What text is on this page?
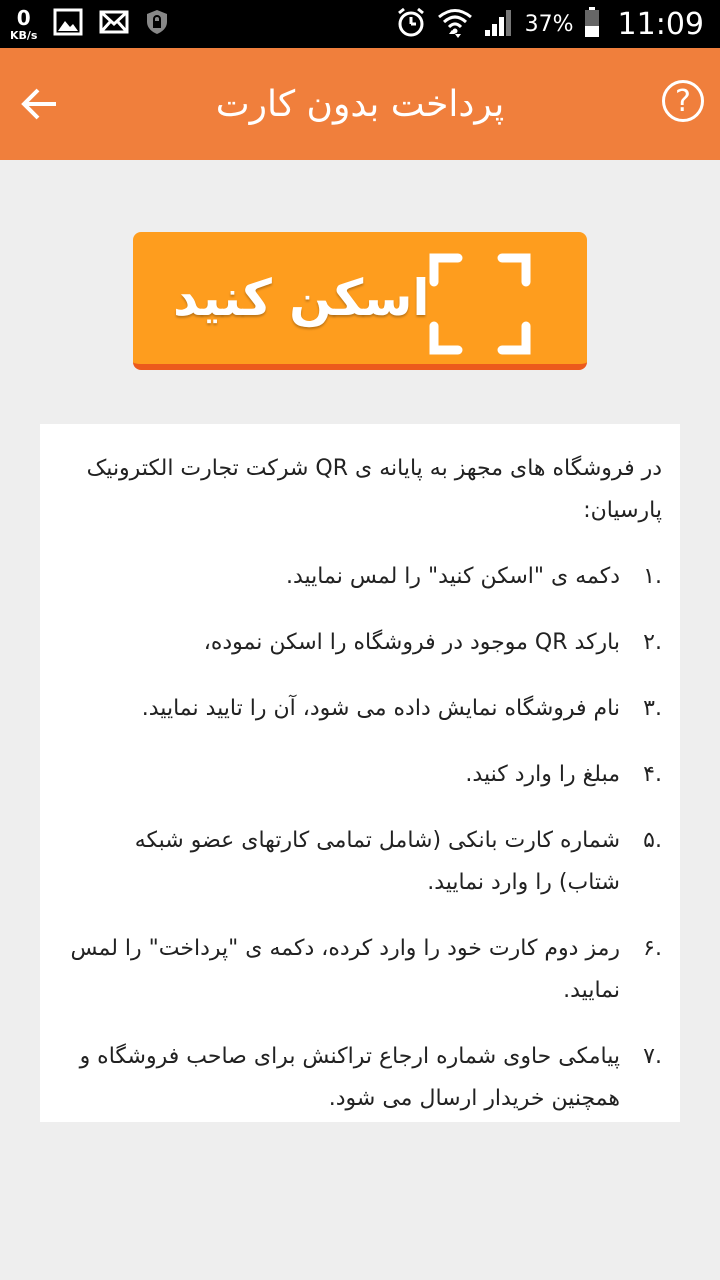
0
KB/s	37% 11:09
پرداخت بدون کارت	?
اسکن کنید

در فروشگاه های مجهز به پایانه ی QR شرکت تجارت الکترونیک پارسیان:

.۱
دکمه ی "اسکن کنید" را لمس نمایید.
.۲
بارکد QR موجود در فروشگاه را اسکن نموده،
.۳
نام فروشگاه نمایش داده می شود، آن را تایید نمایید.
.۴
مبلغ را وارد کنید.
.۵
شماره کارت بانکی (شامل تمامی کارتهای عضو شبکه شتاب) را وارد نمایید.
.۶
رمز دوم کارت خود را وارد کرده، دکمه ی "پرداخت" را لمس نمایید.
.۷
پیامکی حاوی شماره ارجاع تراکنش برای صاحب فروشگاه و همچنین خریدار ارسال می شود.
